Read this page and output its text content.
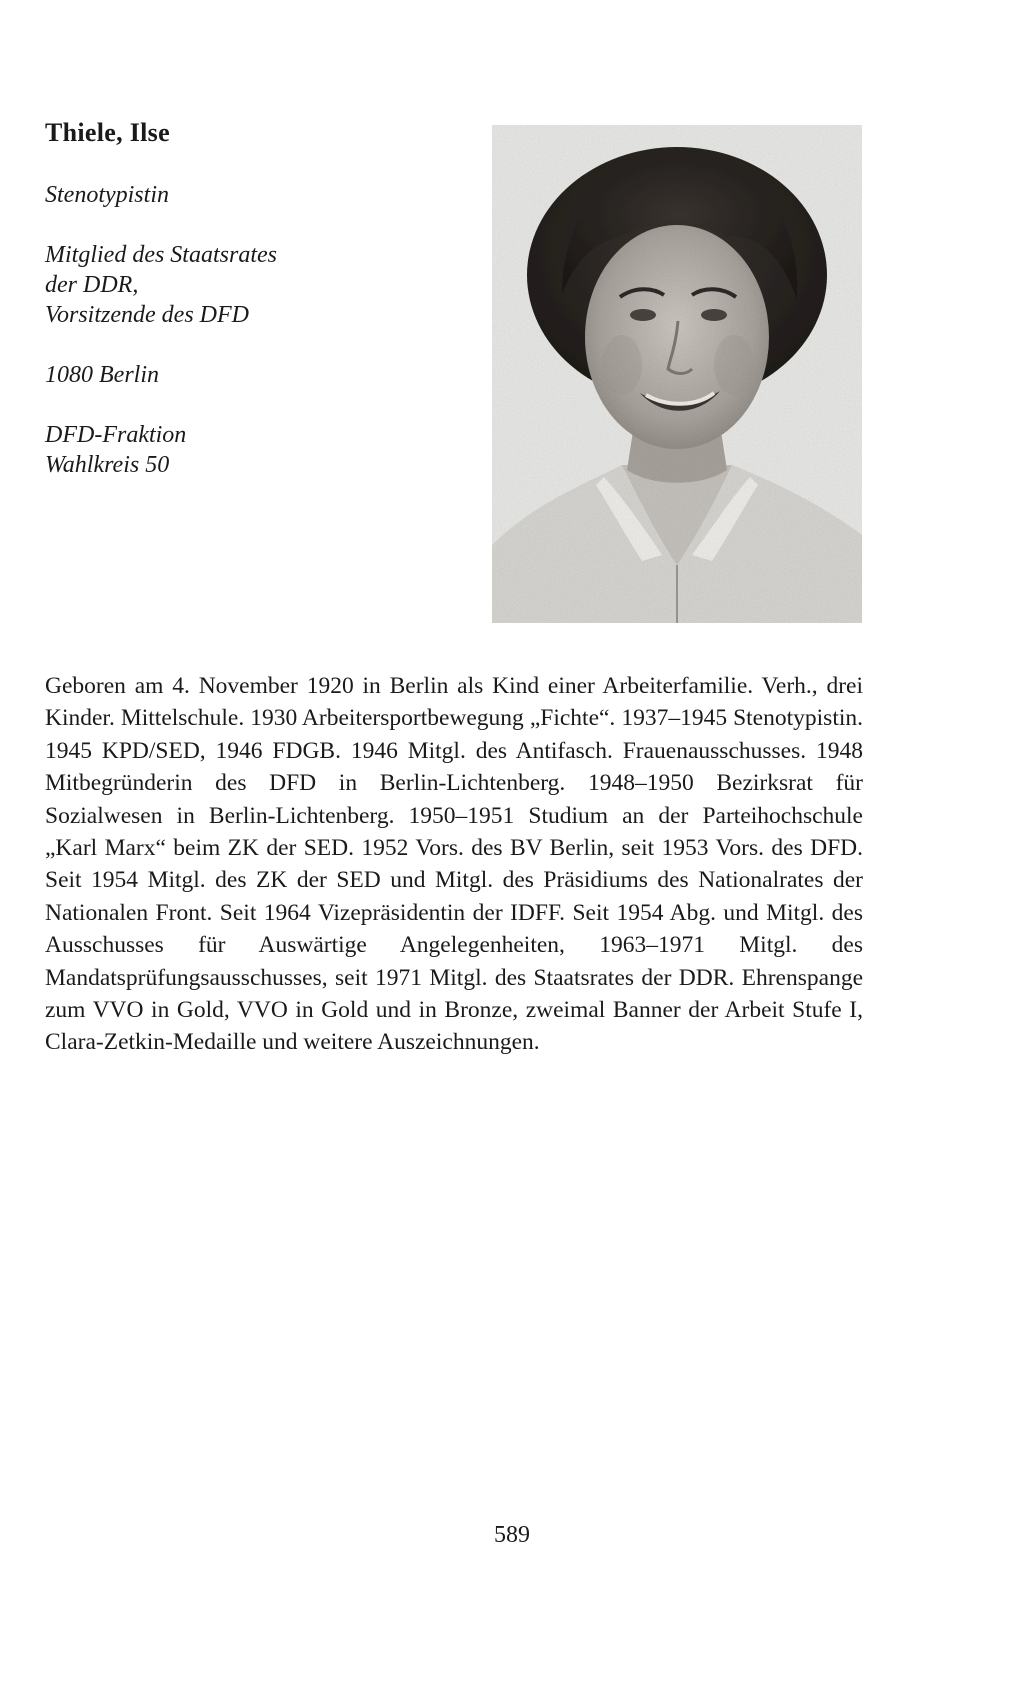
Thiele, Ilse
Stenotypistin
Mitglied des Staatsrates
der DDR,
Vorsitzende des DFD
1080 Berlin
DFD-Fraktion
Wahlkreis 50
Geboren am 4. November 1920 in Berlin als Kind einer Arbeiterfamilie. Verh., drei Kinder. Mittelschule. 1930 Arbeitersportbewegung „Fichte“. 1937–1945 Stenotypistin. 1945 KPD/SED, 1946 FDGB. 1946 Mitgl. des Antifasch. Frauenausschusses. 1948 Mitbegründerin des DFD in Berlin-Lichtenberg. 1948–1950 Bezirksrat für Sozialwesen in Berlin-Lichtenberg. 1950–1951 Studium an der Parteihochschule „Karl Marx“ beim ZK der SED. 1952 Vors. des BV Berlin, seit 1953 Vors. des DFD. Seit 1954 Mitgl. des ZK der SED und Mitgl. des Präsidiums des Nationalrates der Nationalen Front. Seit 1964 Vizepräsidentin der IDFF. Seit 1954 Abg. und Mitgl. des Ausschusses für Auswärtige Angelegenheiten, 1963–1971 Mitgl. des Mandatsprüfungsausschusses, seit 1971 Mitgl. des Staatsrates der DDR. Ehrenspange zum VVO in Gold, VVO in Gold und in Bronze, zweimal Banner der Arbeit Stufe I, Clara-Zetkin-Medaille und weitere Auszeichnungen.
589
